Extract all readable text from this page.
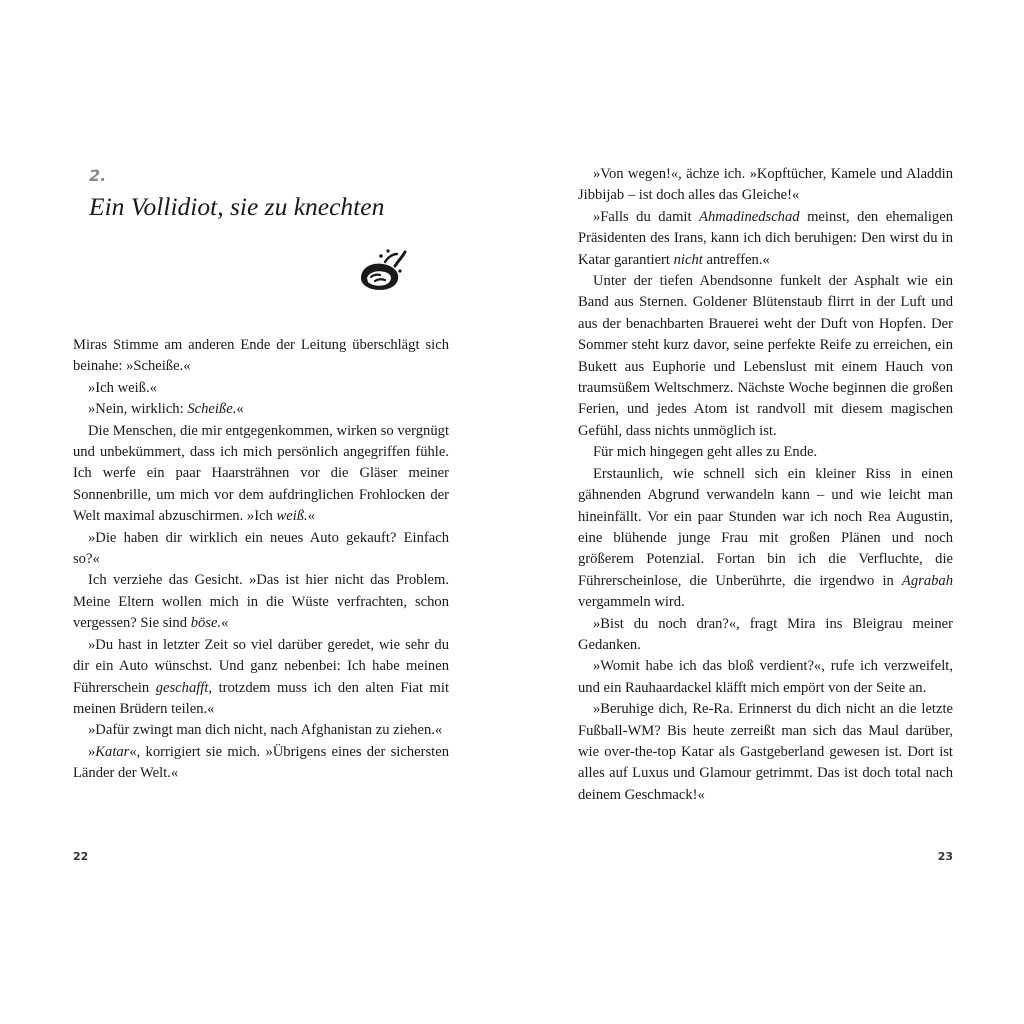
2.
Ein Vollidiot, sie zu knechten

Miras Stimme am anderen Ende der Leitung überschlägt sich beinahe: »Scheiße.«

»Ich weiß.«

»Nein, wirklich: Scheiße.«

Die Menschen, die mir entgegenkommen, wirken so vergnügt und unbekümmert, dass ich mich persönlich angegriffen fühle. Ich werfe ein paar Haarsträhnen vor die Gläser meiner Sonnenbrille, um mich vor dem aufdringlichen Frohlocken der Welt maximal abzuschirmen. »Ich weiß.«

»Die haben dir wirklich ein neues Auto gekauft? Einfach so?«

Ich verziehe das Gesicht. »Das ist hier nicht das Problem. Meine Eltern wollen mich in die Wüste verfrachten, schon vergessen? Sie sind böse.«

»Du hast in letzter Zeit so viel darüber geredet, wie sehr du dir ein Auto wünschst. Und ganz nebenbei: Ich habe meinen Führerschein geschafft, trotzdem muss ich den alten Fiat mit meinen Brüdern teilen.«

»Dafür zwingt man dich nicht, nach Afghanistan zu ziehen.«

»Katar«, korrigiert sie mich. »Übrigens eines der sichersten Länder der Welt.«

22

»Von wegen!«, ächze ich. »Kopftücher, Kamele und Aladdin Jibbijab – ist doch alles das Gleiche!«

»Falls du damit Ahmadinedschad meinst, den ehemaligen Präsidenten des Irans, kann ich dich beruhigen: Den wirst du in Katar garantiert nicht antreffen.«

Unter der tiefen Abendsonne funkelt der Asphalt wie ein Band aus Sternen. Goldener Blütenstaub flirrt in der Luft und aus der benachbarten Brauerei weht der Duft von Hopfen. Der Sommer steht kurz davor, seine perfekte Reife zu erreichen, ein Bukett aus Euphorie und Lebenslust mit einem Hauch von traumsüßem Weltschmerz. Nächste Woche beginnen die großen Ferien, und jedes Atom ist randvoll mit diesem magischen Gefühl, dass nichts unmöglich ist.

Für mich hingegen geht alles zu Ende.

Erstaunlich, wie schnell sich ein kleiner Riss in einen gähnenden Abgrund verwandeln kann – und wie leicht man hineinfällt. Vor ein paar Stunden war ich noch Rea Augustin, eine blühende junge Frau mit großen Plänen und noch größerem Potenzial. Fortan bin ich die Verfluchte, die Führerscheinlose, die Unberührte, die irgendwo in Agrabah vergammeln wird.

»Bist du noch dran?«, fragt Mira ins Bleigrau meiner Gedanken.

»Womit habe ich das bloß verdient?«, rufe ich verzweifelt, und ein Rauhaardackel kläfft mich empört von der Seite an.

»Beruhige dich, Re-Ra. Erinnerst du dich nicht an die letzte Fußball-WM? Bis heute zerreißt man sich das Maul darüber, wie over-the-top Katar als Gastgeberland gewesen ist. Dort ist alles auf Luxus und Glamour getrimmt. Das ist doch total nach deinem Geschmack!«

23
